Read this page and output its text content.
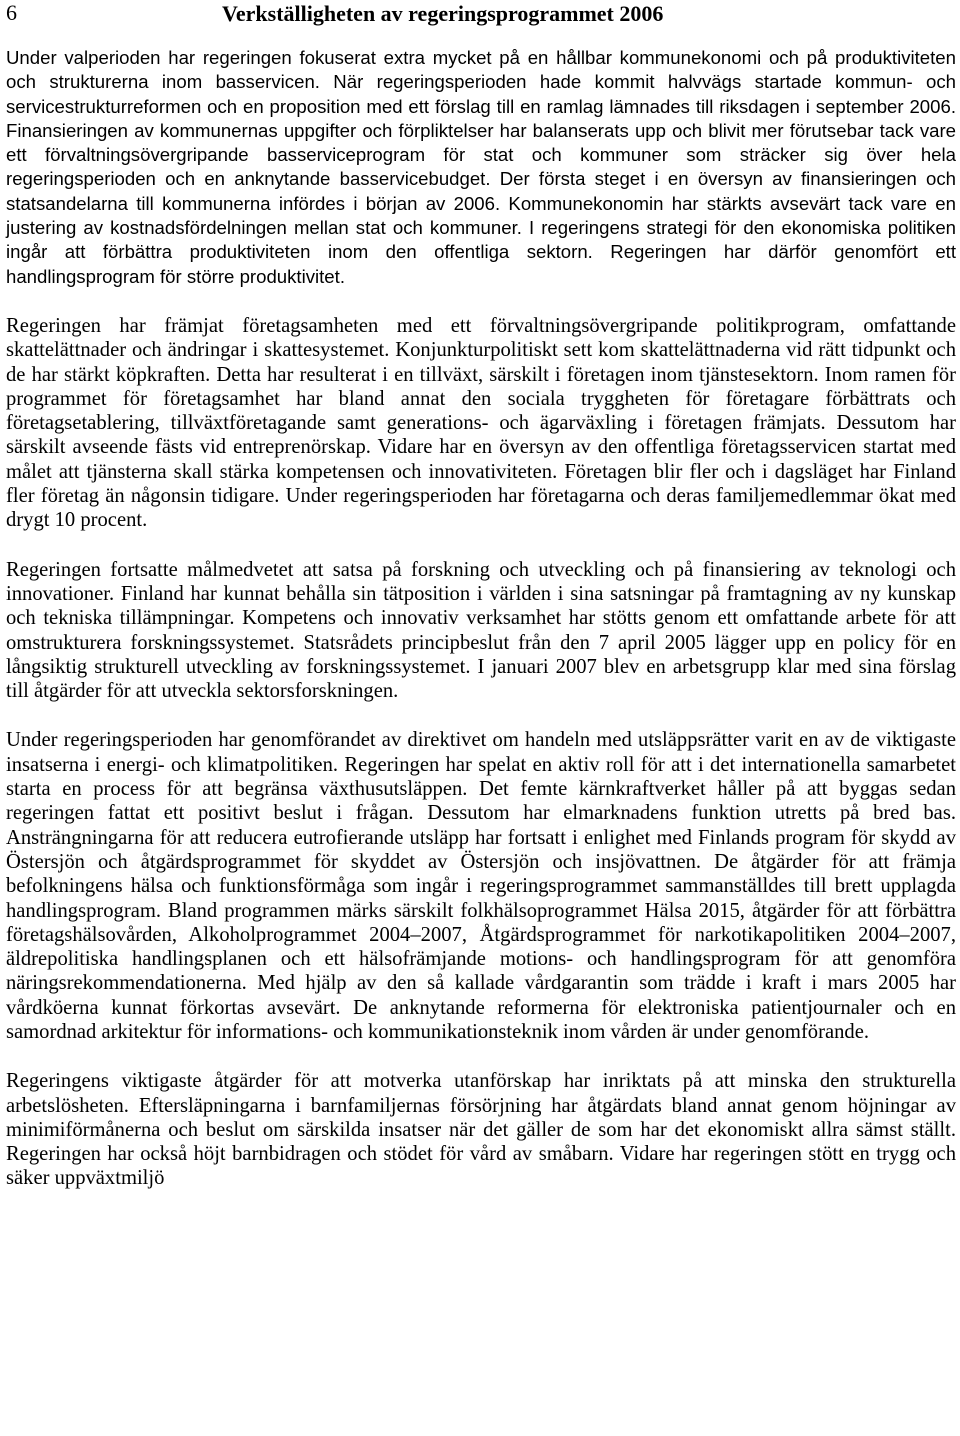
6	Verkställigheten av regeringsprogrammet 2006

Under valperioden har regeringen fokuserat extra mycket på en hållbar kommunekonomi och på produktiviteten och strukturerna inom basservicen. När regeringsperioden hade kommit halvvägs startade kommun- och servicestrukturreformen och en proposition med ett förslag till en ramlag lämnades till riksdagen i september 2006. Finansieringen av kommunernas uppgifter och förpliktelser har balanserats upp och blivit mer förutsebar tack vare ett förvaltningsövergripande basserviceprogram för stat och kommuner som sträcker sig över hela regeringsperioden och en anknytande basservicebudget. Der första steget i en översyn av finansieringen och statsandelarna till kommunerna infördes i början av 2006. Kommunekonomin har stärkts avsevärt tack vare en justering av kostnadsfördelningen mellan stat och kommuner. I regeringens strategi för den ekonomiska politiken ingår att förbättra produktiviteten inom den offentliga sektorn. Regeringen har därför genomfört ett handlingsprogram för större produktivitet.

Regeringen har främjat företagsamheten med ett förvaltningsövergripande politikprogram, omfattande skattelättnader och ändringar i skattesystemet. Konjunkturpolitiskt sett kom skattelättnaderna vid rätt tidpunkt och de har stärkt köpkraften. Detta har resulterat i en tillväxt, särskilt i företagen inom tjänstesektorn. Inom ramen för programmet för företagsamhet har bland annat den sociala tryggheten för företagare förbättrats och företagsetablering, tillväxtföretagande samt generations- och ägarväxling i företagen främjats. Dessutom har särskilt avseende fästs vid entreprenörskap. Vidare har en översyn av den offentliga företagsservicen startat med målet att tjänsterna skall stärka kompetensen och innovativiteten. Företagen blir fler och i dagsläget har Finland fler företag än någonsin tidigare. Under regeringsperioden har företagarna och deras familjemedlemmar ökat med drygt 10 procent.

Regeringen fortsatte målmedvetet att satsa på forskning och utveckling och på finansiering av teknologi och innovationer. Finland har kunnat behålla sin tätposition i världen i sina satsningar på framtagning av ny kunskap och tekniska tillämpningar. Kompetens och innovativ verksamhet har stötts genom ett omfattande arbete för att omstrukturera forskningssystemet. Statsrådets principbeslut från den 7 april 2005 lägger upp en policy för en långsiktig strukturell utveckling av forskningssystemet. I januari 2007 blev en arbetsgrupp klar med sina förslag till åtgärder för att utveckla sektorsforskningen.

Under regeringsperioden har genomförandet av direktivet om handeln med utsläppsrätter varit en av de viktigaste insatserna i energi- och klimatpolitiken. Regeringen har spelat en aktiv roll för att i det internationella samarbetet starta en process för att begränsa växthusutsläppen. Det femte kärnkraftverket håller på att byggas sedan regeringen fattat ett positivt beslut i frågan. Dessutom har elmarknadens funktion utretts på bred bas. Ansträngningarna för att reducera eutrofierande utsläpp har fortsatt i enlighet med Finlands program för skydd av Östersjön och åtgärdsprogrammet för skyddet av Östersjön och insjövattnen. De åtgärder för att främja befolkningens hälsa och funktionsförmåga som ingår i regeringsprogrammet sammanställdes till brett upplagda handlingsprogram. Bland programmen märks särskilt folkhälsoprogrammet Hälsa 2015, åtgärder för att förbättra företagshälsovården, Alkoholprogrammet 2004–2007, Åtgärdsprogrammet för narkotikapolitiken 2004–2007, äldrepolitiska handlingsplanen och ett hälsofrämjande motions- och handlingsprogram för att genomföra näringsrekommendationerna. Med hjälp av den så kallade vårdgarantin som trädde i kraft i mars 2005 har vårdköerna kunnat förkortas avsevärt. De anknytande reformerna för elektroniska patientjournaler och en samordnad arkitektur för informations- och kommunikationsteknik inom vården är under genomförande.

Regeringens viktigaste åtgärder för att motverka utanförskap har inriktats på att minska den strukturella arbetslösheten. Eftersläpningarna i barnfamiljernas försörjning har åtgärdats bland annat genom höjningar av minimiförmånerna och beslut om särskilda insatser när det gäller de som har det ekonomiskt allra sämst ställt. Regeringen har också höjt barnbidragen och stödet för vård av småbarn. Vidare har regeringen stött en trygg och säker uppväxtmiljö
